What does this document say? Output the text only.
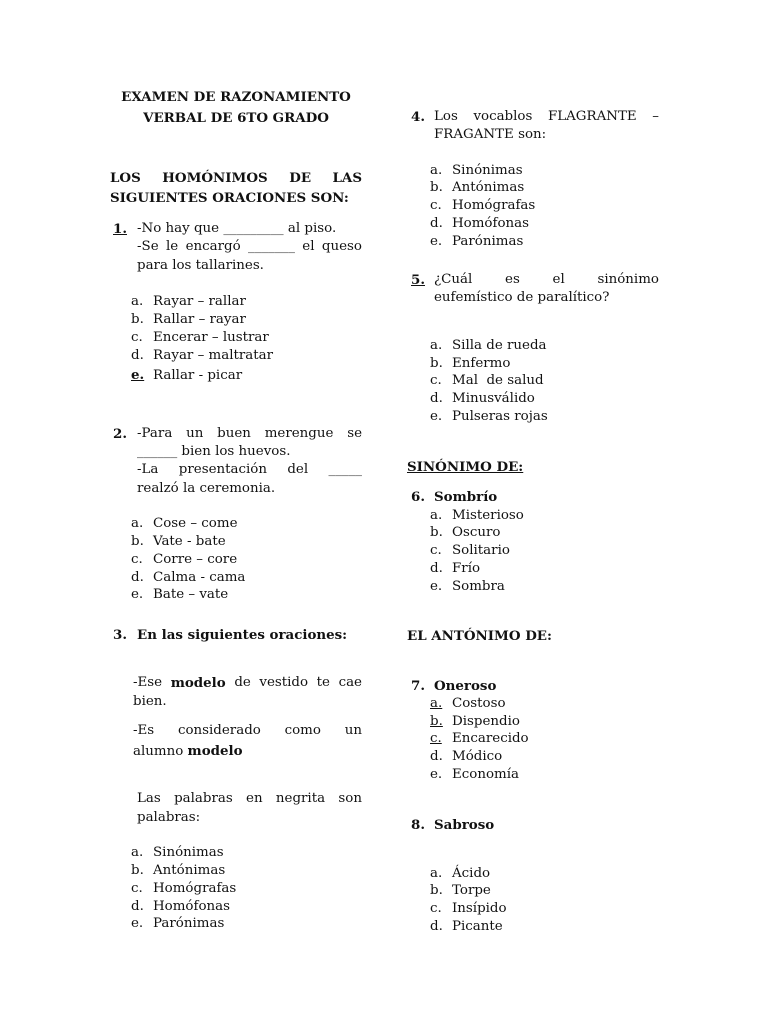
EXAMEN DE RAZONAMIENTO
VERBAL DE 6TO GRADO
LOS HOMÓNIMOS DE LAS
SIGUIENTES ORACIONES SON:
1. -No hay que _________ al piso.
-Se le encargó _______ el queso
para los tallarines.
a. Rayar – rallar
b. Rallar – rayar
c. Encerar – lustrar
d. Rayar – maltratar
e. Rallar - picar
2. -Para un buen merengue se
______ bien los huevos.
-La presentación del _____
realzó la ceremonia.
a. Cose – come
b. Vate - bate
c. Corre – core
d. Calma - cama
e. Bate – vate
3. En las siguientes oraciones:
-Ese modelo de vestido te cae
bien.
-Es considerado como un
alumno modelo
Las palabras en negrita son
palabras:
a. Sinónimas
b. Antónimas
c. Homógrafas
d. Homófonas
e. Parónimas
4. Los vocablos FLAGRANTE –
FRAGANTE son:
a. Sinónimas
b. Antónimas
c. Homógrafas
d. Homófonas
e. Parónimas
5. ¿Cuál es el sinónimo
eufemístico de paralítico?
a. Silla de rueda
b. Enfermo
c. Mal  de salud
d. Minusválido
e. Pulseras rojas
SINÓNIMO DE:
6. Sombrío
a. Misterioso
b. Oscuro
c. Solitario
d. Frío
e. Sombra
EL ANTÓNIMO DE:
7. Oneroso
a. Costoso
b. Dispendio
c. Encarecido
d. Módico
e. Economía
8. Sabroso
a. Ácido
b. Torpe
c. Insípido
d. Picante
